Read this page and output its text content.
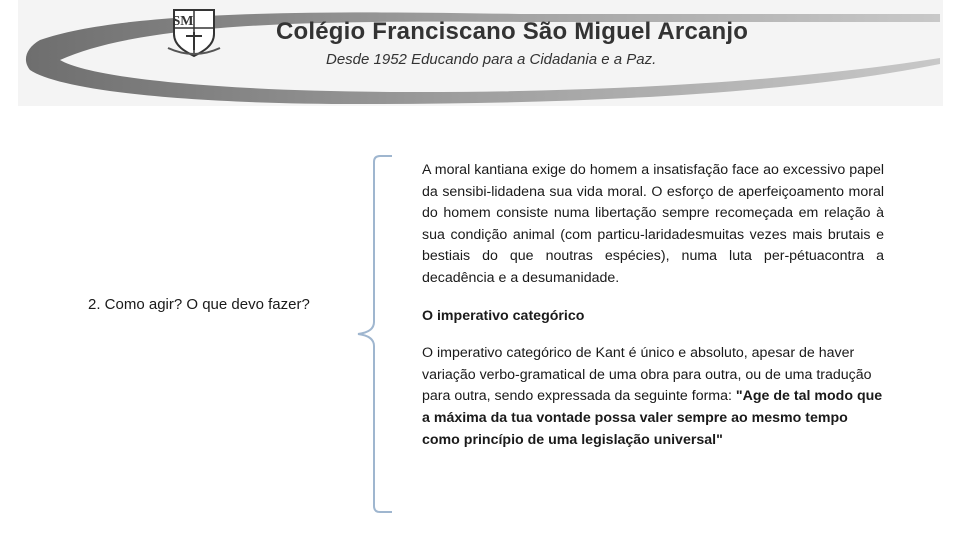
SM	Colégio Franciscano São Miguel Arcanjo
Desde 1952 Educando para a Cidadania e a Paz.
2. Como agir? O que devo fazer?

A moral kantiana exige do homem a insatisfação face ao excessivo papel da sensibi-lidadena sua vida moral. O esforço de aperfeiçoamento moral do homem consiste numa libertação sempre recomeçada em relação à sua condição animal (com particu-laridadesmuitas vezes mais brutais e bestiais do que noutras espécies), numa luta per-pétuacontra a decadência e a desumanidade.

O imperativo categórico

O imperativo categórico de Kant é único e absoluto, apesar de haver variação verbo-gramatical de uma obra para outra, ou de uma tradução para outra, sendo expressada da seguinte forma: "Age de tal modo que a máxima da tua vontade possa valer sempre ao mesmo tempo como princípio de uma legislação universal"
